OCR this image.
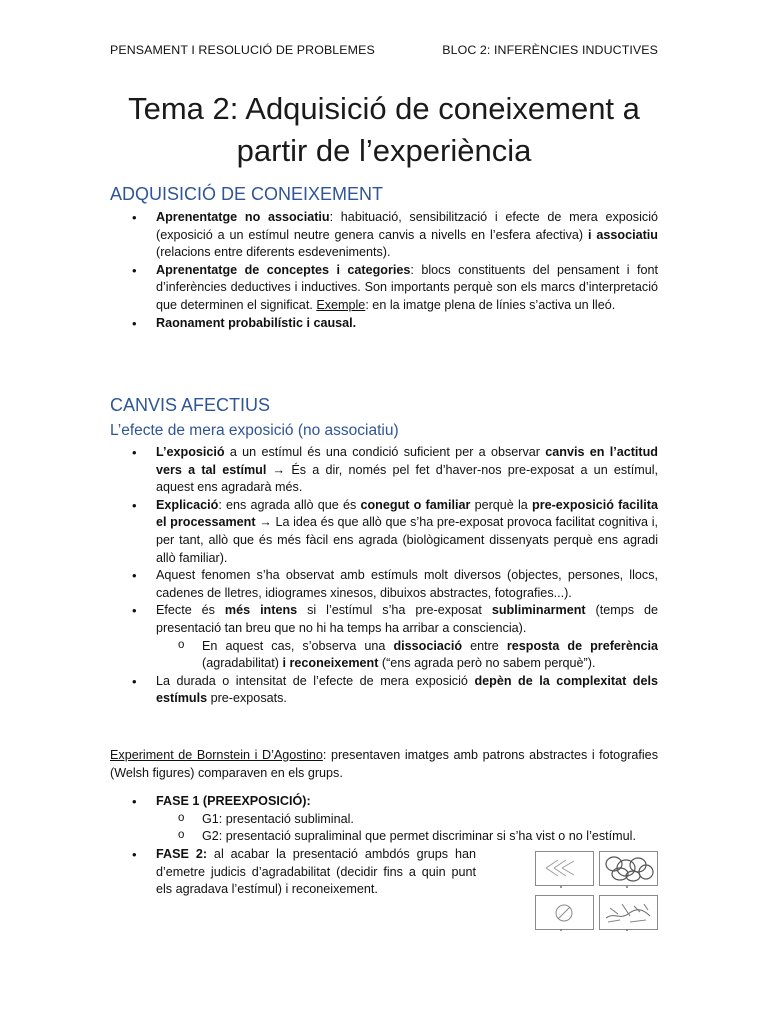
PENSAMENT I RESOLUCIÓ DE PROBLEMES	BLOC 2: INFERÈNCIES INDUCTIVES
Tema 2: Adquisició de coneixement a
partir de l’experiència
ADQUISICIÓ DE CONEIXEMENT
• Aprenentatge no associatiu: habituació, sensibilització i efecte de mera exposició (exposició a un estímul neutre genera canvis a nivells en l’esfera afectiva) i associatiu (relacions entre diferents esdeveniments).
• Aprenentatge de conceptes i categories: blocs constituents del pensament i font d’inferències deductives i inductives. Son importants perquè son els marcs d’interpretació que determinen el significat. Exemple: en la imatge plena de línies s’activa un lleó.
• Raonament probabilístic i causal.
CANVIS AFECTIUS
L’efecte de mera exposició (no associatiu)
• L’exposició a un estímul és una condició suficient per a observar canvis en l’actitud vers a tal estímul → És a dir, només pel fet d’haver-nos pre-exposat a un estímul, aquest ens agradarà més.
• Explicació: ens agrada allò que és conegut o familiar perquè la pre-exposició facilita el processament → La idea és que allò que s’ha pre-exposat provoca facilitat cognitiva i, per tant, allò que és més fàcil ens agrada (biològicament dissenyats perquè ens agradi allò familiar).
• Aquest fenomen s’ha observat amb estímuls molt diversos (objectes, persones, llocs, cadenes de lletres, idiogrames xinesos, dibuixos abstractes, fotografies...).
• Efecte és més intens si l’estímul s’ha pre-exposat subliminarment (temps de presentació tan breu que no hi ha temps ha arribar a consciencia).
o En aquest cas, s’observa una dissociació entre resposta de preferència (agradabilitat) i reconeixement (“ens agrada però no sabem perquè”).
• La durada o intensitat de l’efecte de mera exposició depèn de la complexitat dels estímuls pre-exposats.
Experiment de Bornstein i D’Agostino: presentaven imatges amb patrons abstractes i fotografies (Welsh figures) comparaven en els grups.
• FASE 1 (PREEXPOSICIÓ):
o G1: presentació subliminal.
o G2: presentació supraliminal que permet discriminar si s’ha vist o no l’estímul.
• FASE 2: al acabar la presentació ambdós grups han d’emetre judicis d’agradabilitat (decidir fins a quin punt els agradava l’estímul) i reconeixement.
